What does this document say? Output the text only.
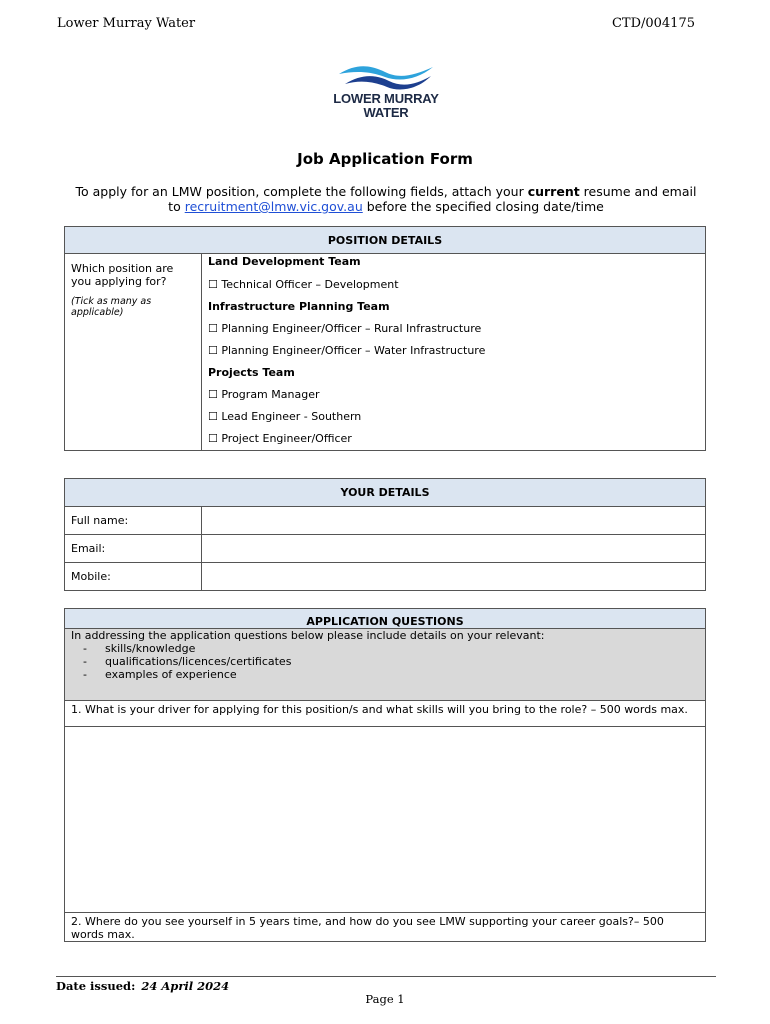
Lower Murray Water	CTD/004175
LOWER MURRAY
WATER
Job Application Form
To apply for an LMW position, complete the following fields, attach your current resume and email
to recruitment@lmw.vic.gov.au before the specified closing date/time
POSITION DETAILS

Which position are you applying for?
(Tick as many as applicable)

Land Development Team
☐ Technical Officer – Development
Infrastructure Planning Team
☐ Planning Engineer/Officer – Rural Infrastructure
☐ Planning Engineer/Officer – Water Infrastructure
Projects Team
☐ Program Manager
☐ Lead Engineer - Southern
☐ Project Engineer/Officer
YOUR DETAILS	
Full name:	
Email:	
Mobile:	
APPLICATION QUESTIONS

In addressing the application questions below please include details on your relevant:
- skills/knowledge
- qualifications/licences/certificates
- examples of experience

1. What is your driver for applying for this position/s and what skills will you bring to the role? – 500 words max.

2. Where do you see yourself in 5 years time, and how do you see LMW supporting your career goals?– 500 words max.
Date issued: 24 April 2024
Page 1
